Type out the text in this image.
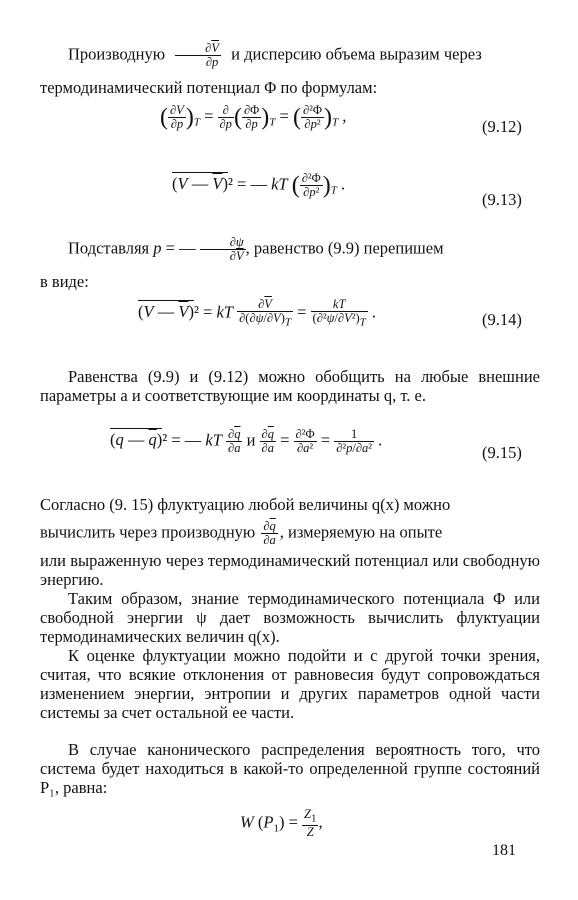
Производную $\frac{\partial\overline{V}}{\partial p}$ и дисперсию объема выразим через
термодинамический потенциал Φ по формулам:
( $\frac{\partial V}{\partial p} )_T = \frac{\partial}{\partial p}$ ( $\frac{\partial\Phi}{\partial p} )_T$ = ( $\frac{\text{∂²Φ}}{\text{∂p²}} )_T$ ,
(9.12)
(V — $\overline{V})^2$ = — kT ( $\frac{\text{∂²Φ}}{\text{∂p²}} )_T$ .
(9.13)
Подставляя p = — $\frac{\partial\psi}{\partial\overline{V}}$ , равенство (9.9) перепишем
в виде:
(V — $\overline{V})^2$ = kT $\frac{\partial\overline{V}}{\partial(\partial\psi/\partial V)_T} = \frac{kT}{(\partial^2\psi/\partial V^2)_T}$ .	(9.14)
Равенства (9.9) и (9.12) можно обобщить на любые внешние параметры a и соответствующие им координаты q, т. е.
(q — $\overline{q})^2$ = — kT $\frac{\partial\overline{q}}{\partial a}$ и $\frac{\partial\overline{q}}{\partial a} = \frac{\text{∂²Φ}}{\text{∂a²}} = \frac{1}{\text{∂²p/∂a²}}$ .
(9.15)
Согласно (9. 15) флуктуацию любой величины q(x) можно
вычислить через производную $\frac{\partial\overline{q}}{\partial a}$ , измеряемую на опыте
или выраженную через термодинамический потенциал или свободную энергию.
Таким образом, знание термодинамического потенциала Φ или свободной энергии ψ дает возможность вычислить флуктуации термодинамических величин q(x).
К оценке флуктуации можно подойти и с другой точки зрения, считая, что всякие отклонения от равновесия будут сопровождаться изменением энергии, энтропии и других параметров одной части системы за счет остальной ее части.
В случае канонического распределения вероятность того, что система будет находиться в какой-то определенной группе состояний P₁, равна:
W $(P_1) = \frac{Z_1}{Z}$ ,
181
